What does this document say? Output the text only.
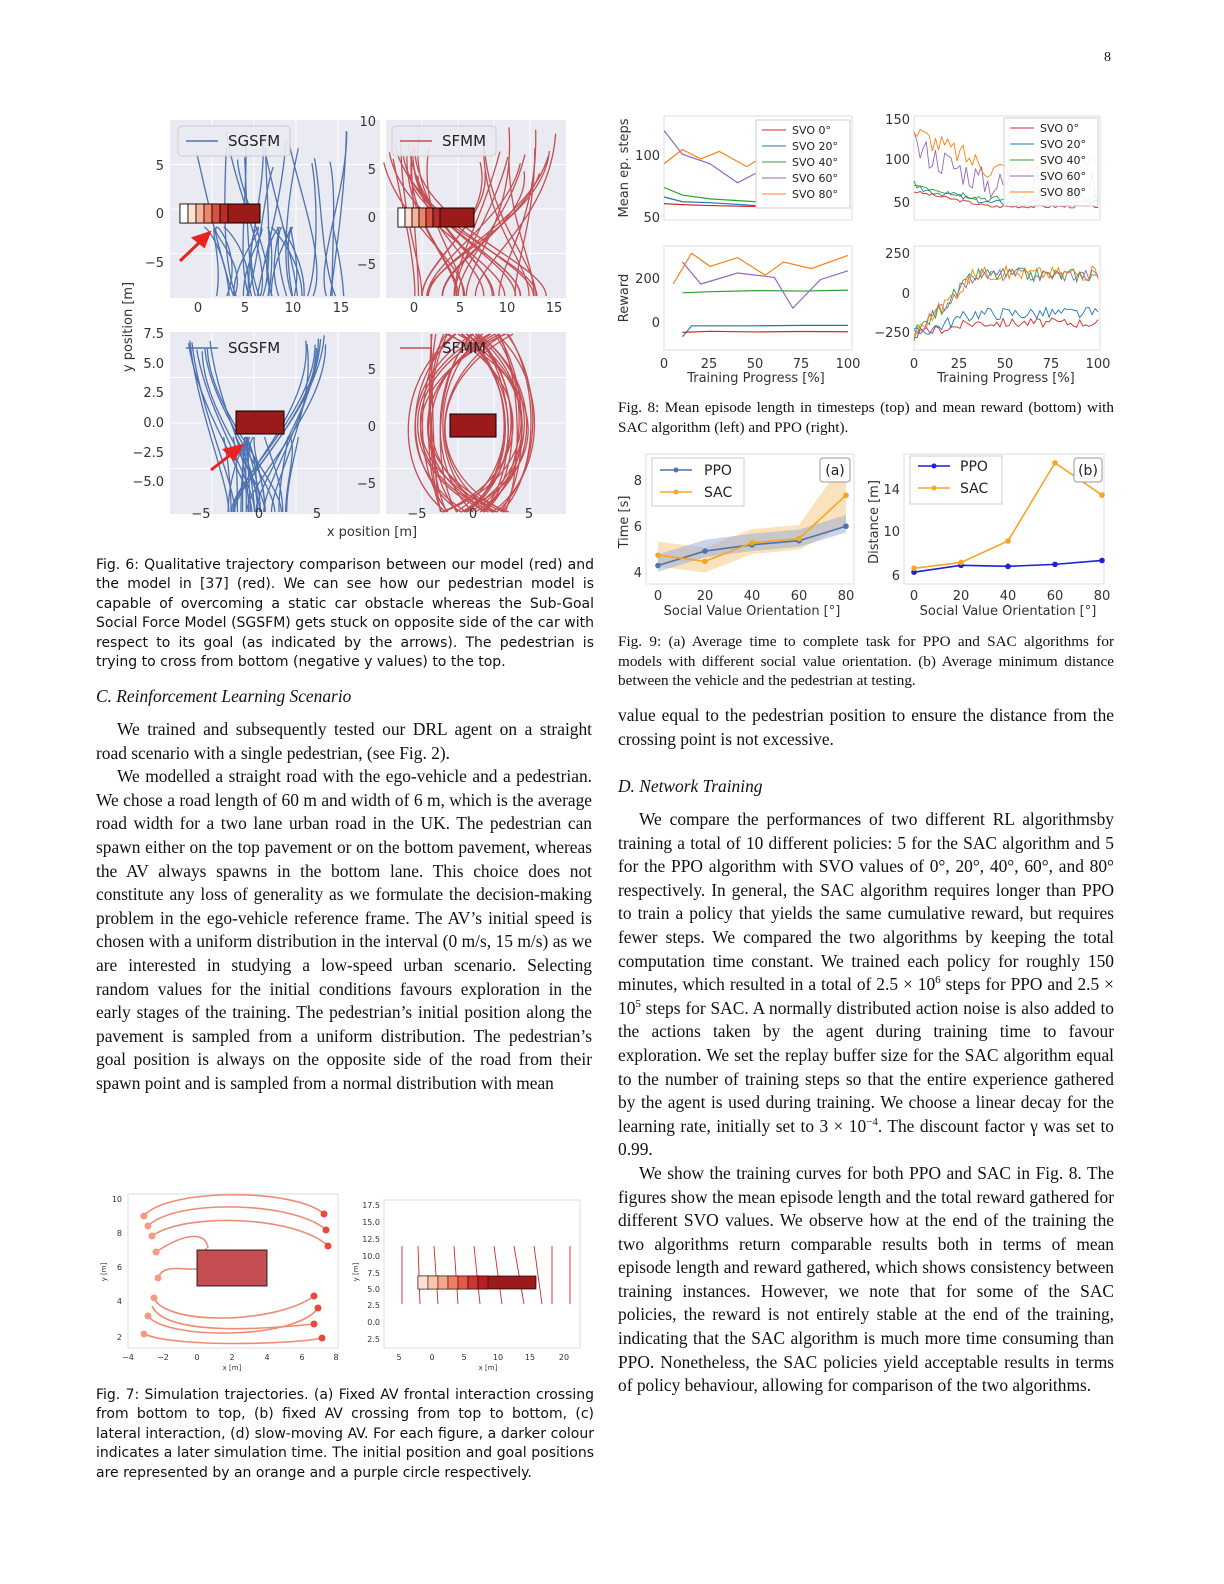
8
SGSFM	SFMM
SGSFM	SFMM
5
0
−5
10
5
0
−5
7.5
5.0
2.5
0.0
−2.5
−5.0
5
0
−5
0	5	10 15	0	5	10 15
−5	0	5	−5	0	5
x position [m]
y position [m]
Fig. 6: Qualitative trajectory comparison between our model (red) and the model in [37] (red). We can see how our pedestrian model is capable of overcoming a static car obstacle whereas the Sub-Goal Social Force Model (SGSFM) gets stuck on opposite side of the car with respect to its goal (as indicated by the arrows). The pedestrian is trying to cross from bottom (negative y values) to the top.
C. Reinforcement Learning Scenario

We trained and subsequently tested our DRL agent on a straight road scenario with a single pedestrian, (see Fig. 2).

We modelled a straight road with the ego-vehicle and a pedestrian. We chose a road length of 60 m and width of 6 m, which is the average road width for a two lane urban road in the UK. The pedestrian can spawn either on the top pavement or on the bottom pavement, whereas the AV always spawns in the bottom lane. This choice does not constitute any loss of generality as we formulate the decision-making problem in the ego-vehicle reference frame. The AV’s initial speed is chosen with a uniform distribution in the interval (0 m/s, 15 m/s) as we are interested in studying a low-speed urban scenario. Selecting random values for the initial conditions favours exploration in the early stages of the training. The pedestrian’s initial position along the pavement is sampled from a uniform distribution. The pedestrian’s goal position is always on the opposite side of the road from their spawn point and is sampled from a normal distribution with mean

10
8
6
4
2
−4	−2	0	2	4	6	8
x [m]
y [m]
17.5
15.0
12.5
10.0
7.5
5.0
2.5
0.0
2.5
5	0	5	10	15	20
x [m]
y [m]
Fig. 7: Simulation trajectories. (a) Fixed AV frontal interaction crossing from bottom to top, (b) fixed AV crossing from top to bottom, (c) lateral interaction, (d) slow-moving AV. For each figure, a darker colour indicates a later simulation time. The initial position and goal positions are represented by an orange and a purple circle respectively.
SVO 0°
SVO 20°
SVO 40°
SVO 60°
SVO 80°
SVO 0°
SVO 20°
SVO 40°
SVO 60°
SVO 80°
100
50
150
100
50
200
0
250
0
−250
0	25 50 75 100	0	25 50 75 100
Training Progress [%]	Training Progress [%]
Mean ep. steps
Reward
Fig. 8: Mean episode length in timesteps (top) and mean reward (bottom) with SAC algorithm (left) and PPO (right).
PPO
SAC
PPO
SAC
(a)	(b)
8
6
4
14
10
6
0	20 40 60 80	0	20 40 60 80
Social Value Orientation [°]	Social Value Orientation [°]
Time [s]	Distance [m]
Fig. 9: (a) Average time to complete task for PPO and SAC algorithms for models with different social value orientation. (b) Average minimum distance between the vehicle and the pedestrian at testing.

value equal to the pedestrian position to ensure the distance from the crossing point is not excessive.

D. Network Training

We compare the performances of two different RL algorithmsby training a total of 10 different policies: 5 for the SAC algorithm and 5 for the PPO algorithm with SVO values of 0°, 20°, 40°, 60°, and 80° respectively. In general, the SAC algorithm requires longer than PPO to train a policy that yields the same cumulative reward, but requires fewer steps. We compared the two algorithms by keeping the total computation time constant. We trained each policy for roughly 150 minutes, which resulted in a total of $2.5 \times 10^6$ steps for PPO and $2.5 \times 10^5$ steps for SAC. A normally distributed action noise is also added to the actions taken by the agent during training time to favour exploration. We set the replay buffer size for the SAC algorithm equal to the number of training steps so that the entire experience gathered by the agent is used during training. We choose a linear decay for the learning rate, initially set to $3 \times 10^{-4}$. The discount factor γ was set to 0.99.

We show the training curves for both PPO and SAC in Fig. 8. The figures show the mean episode length and the total reward gathered for different SVO values. We observe how at the end of the training the two algorithms return comparable results both in terms of mean episode length and reward gathered, which shows consistency between training instances. However, we note that for some of the SAC policies, the reward is not entirely stable at the end of the training, indicating that the SAC algorithm is much more time consuming than PPO. Nonetheless, the SAC policies yield acceptable results in terms of policy behaviour, allowing for comparison of the two algorithms.
